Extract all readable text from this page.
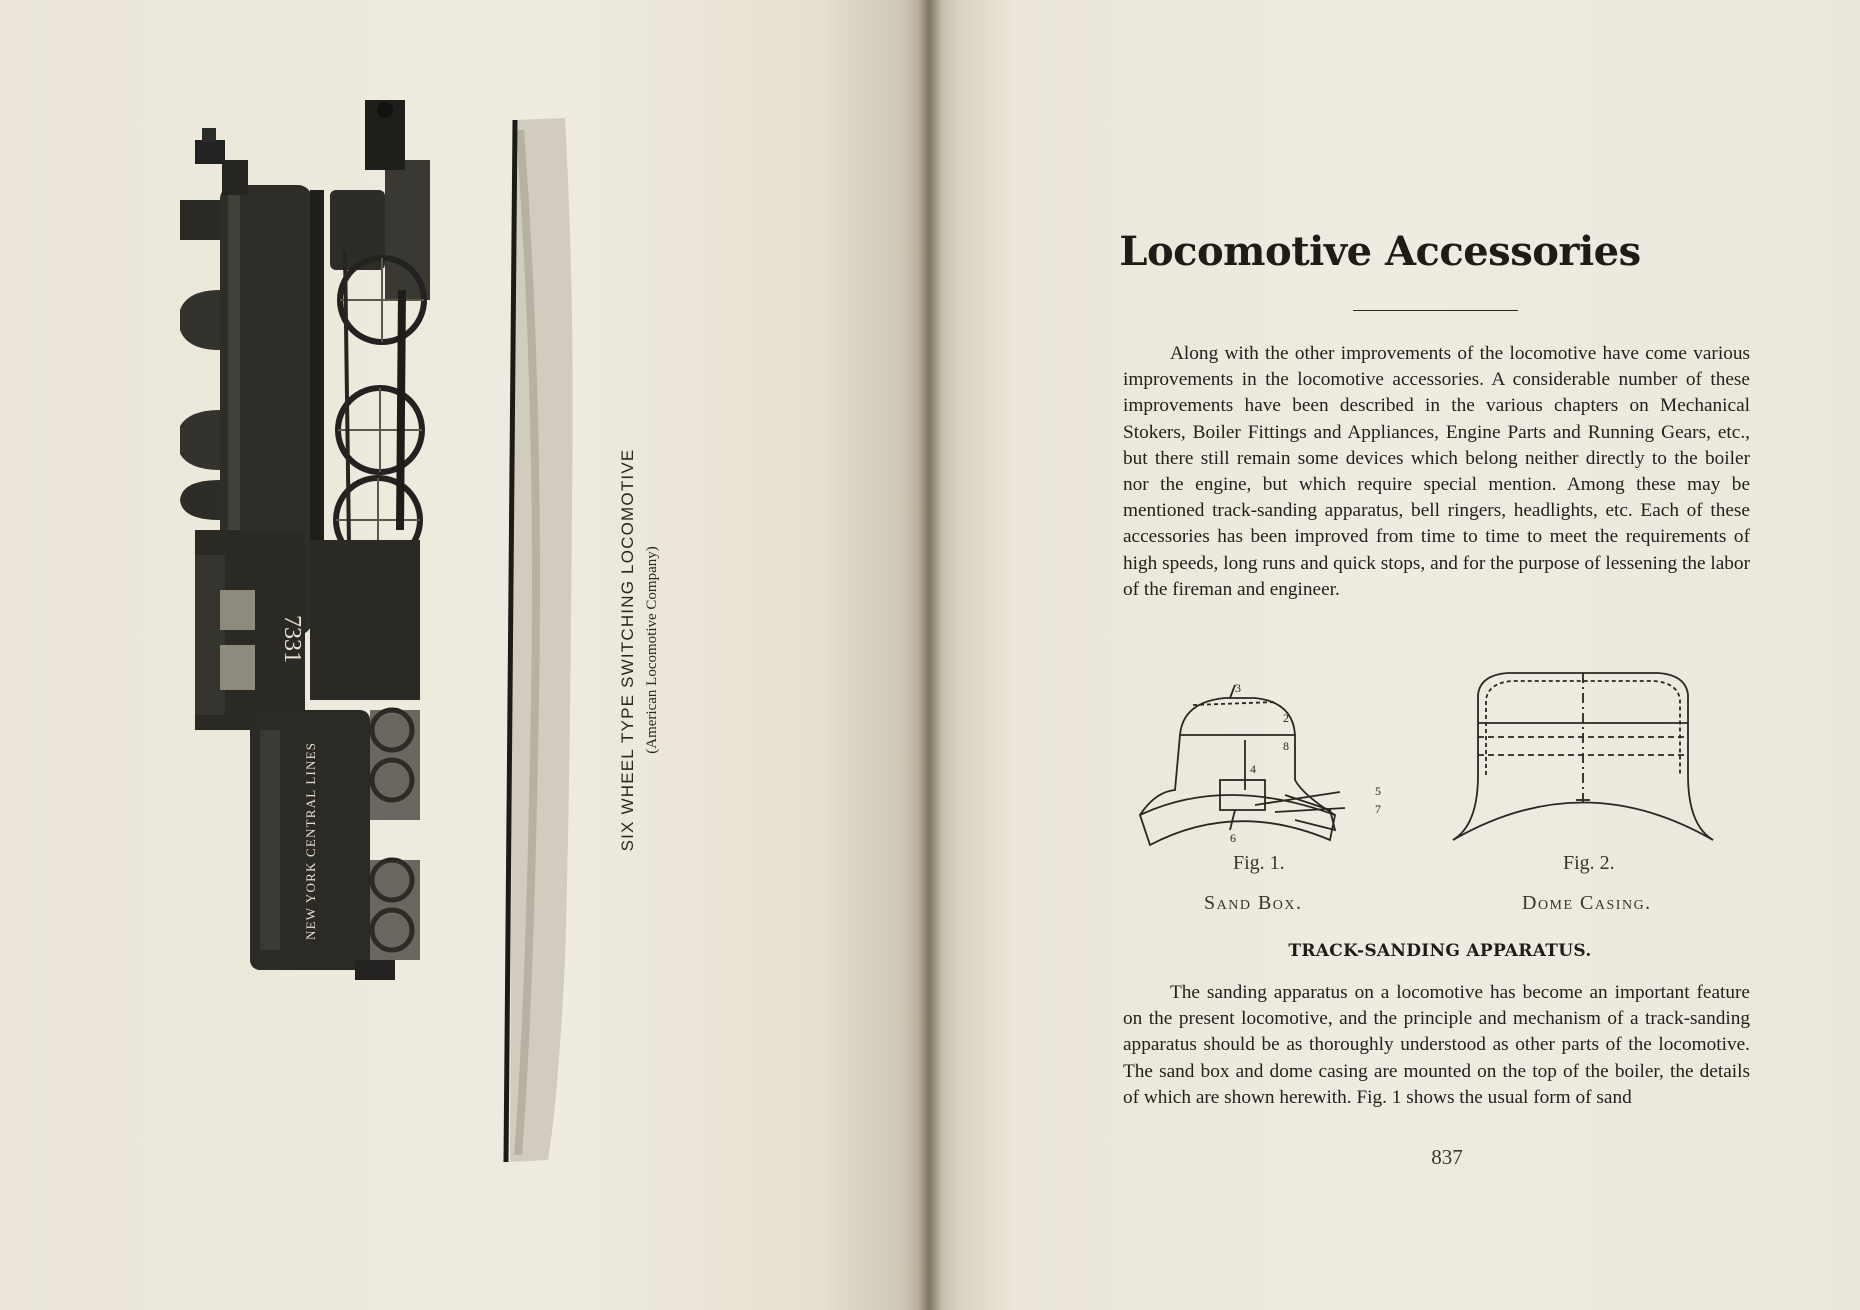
7331
NEW YORK CENTRAL LINES	SIX WHEEL TYPE SWITCHING LOCOMOTIVE (American Locomotive Company)
Locomotive Accessories

Along with the other improvements of the locomotive have come various improvements in the locomotive accessories. A considerable number of these improvements have been described in the various chapters on Mechanical Stokers, Boiler Fittings and Appliances, Engine Parts and Running Gears, etc., but there still remain some devices which belong neither directly to the boiler nor the engine, but which require special mention. Among these may be mentioned track-sanding apparatus, bell ringers, headlights, etc. Each of these accessories has been improved from time to time to meet the requirements of high speeds, long runs and quick stops, and for the purpose of lessening the labor of the fireman and engineer.

3
2
8
4
5
7
6
Fig. 1.
Sand Box.
Fig. 2.
Dome Casing.
TRACK-SANDING APPARATUS.

The sanding apparatus on a locomotive has become an important feature on the present locomotive, and the principle and mechanism of a track-sanding apparatus should be as thoroughly understood as other parts of the locomotive. The sand box and dome casing are mounted on the top of the boiler, the details of which are shown herewith. Fig. 1 shows the usual form of sand

837
